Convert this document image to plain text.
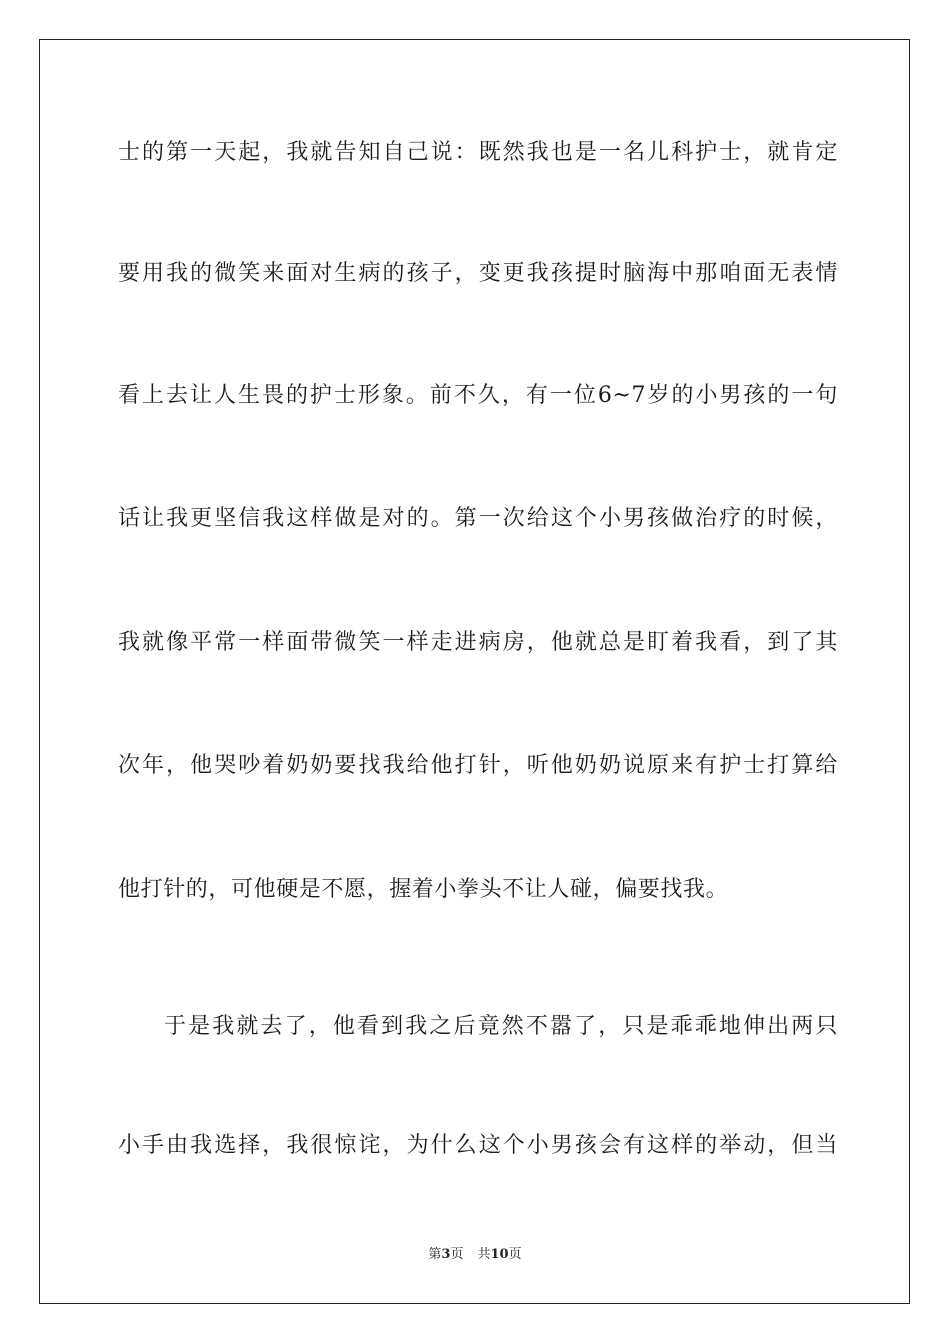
士的第一天起，我就告知自己说：既然我也是一名儿科护士，就肯定
要用我的微笑来面对生病的孩子，变更我孩提时脑海中那咱面无表情
看上去让人生畏的护士形象。前不久，有一位6~7岁的小男孩的一句
话让我更坚信我这样做是对的。第一次给这个小男孩做治疗的时候，
我就像平常一样面带微笑一样走进病房，他就总是盯着我看，到了其
次年，他哭吵着奶奶要找我给他打针，听他奶奶说原来有护士打算给
他打针的，可他硬是不愿，握着小拳头不让人碰，偏要找我。
于是我就去了，他看到我之后竟然不嚣了，只是乖乖地伸出两只
小手由我选择，我很惊诧，为什么这个小男孩会有这样的举动，但当
第3页 共10页
